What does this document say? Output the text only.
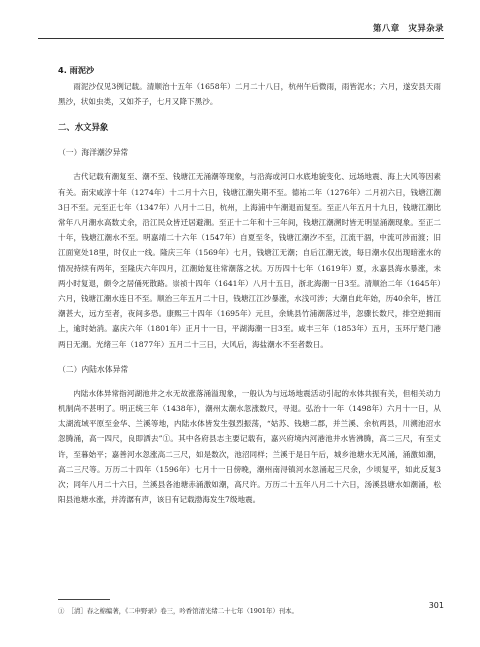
第八章　灾异杂录
4. 雨泥沙

雨泥沙仅见3例记载。清顺治十五年（1658年）二月二十八日，杭州午后微雨，雨皆泥水；六月，遂安县天雨黑沙，状如虫类，又如芥子，七月又降下黑沙。

二、水文异象
（一）海洋潮汐异常

古代记载有潮复至、潮不至、钱塘江无涌潮等现象，与沿海或河口水底地貌变化、远场地震、海上大风等因素有关。南宋咸淳十年（1274年）十二月十六日，钱塘江潮失期不至。德祐二年（1276年）二月初六日，钱塘江潮3日不至。元至正七年（1347年）八月十二日，杭州，上海浦中午潮退而复至。至正八年五月十九日，钱塘江潮比常年八月潮水高数丈余，沿江民众皆迁居避潮。至正十二年和十三年间，钱塘江潮溯时皆无明显涌潮现象。至正二十年，钱塘江潮水不至。明嘉靖二十六年（1547年）自夏至冬，钱塘江潮汐不至，江流干涸，中流可涉而渡；旧江面宽处18里，时仅止一线。隆庆三年（1569年）七月，钱塘江无潮；自后江潮无波，每日潮水仅出现暗涨水的情况持续有两年，至隆庆六年四月，江潮始复往常潮落之状。万历四十七年（1619年）夏，永嘉县海水暴涨，未两小时复退，颇令之居俑死散路。崇祯十四年（1641年）八月十五日，浙北海潮一日3至。清顺治二年（1645年）六月，钱塘江潮水连日不至。顺治三年五月二十日，钱塘江江沙暴涨，水浅可涉；大潮自此年始，历40余年，皆江潮甚大，远方至者，夜间多恐。康熙三十四年（1695年）元旦，余姚县竹浦潮落过半，忽骤长数尺，排空逆拥而上，逾时始消。嘉庆六年（1801年）正月十一日，平湖海潮一日3至。咸丰三年（1853年）五月，玉环厅楚门港两日无潮。光绪三年（1877年）五月二十三日，大风后，海盐潮水不至者数日。

（二）内陆水体异常

内陆水体异常指河湖池井之水无故涨落涌溢现象，一般认为与远场地震活动引起的水体共振有关，但相关动力机制尚不甚明了。明正统三年（1438年），潮州太潮水忽涨数尺，寻退。弘治十一年（1498年）六月十一日，从太湖流域平原至金华、兰溪等地，内陆水体皆发生强烈振荡，“姑苏、钱塘二郡，并兰溪、余杭两县，川溯池沼水忽腾涌，高一四尺，良即洒去”①。其中各府县志主要记载有，嘉兴府境内河港池井水皆沸腾，高二三尺，有至丈许，至暮始平；嘉善河水忽涨高二三尺，如是数次，池沼同样；兰溪于是日午后，城乡池塘水无风涌，涌激如潮，高二三尺等。万历二十四年（1596年）七月十一日傍晚，潮州南浔镇河水忽涌起三尺余，少顷复平，如此反复3次；同年八月二十六日，兰溪县各池塘赤涌激如潮，高尺许。万历二十五年八月二十六日，汤溪县塘水如潮涌，松阳县池塘水涨，并涛潺有声，该日有记载渤海发生7级地震。

①　［清］春之棉编著，《二申野录》卷三，吟香馆清光绪二十七年（1901年）刊本。
301
